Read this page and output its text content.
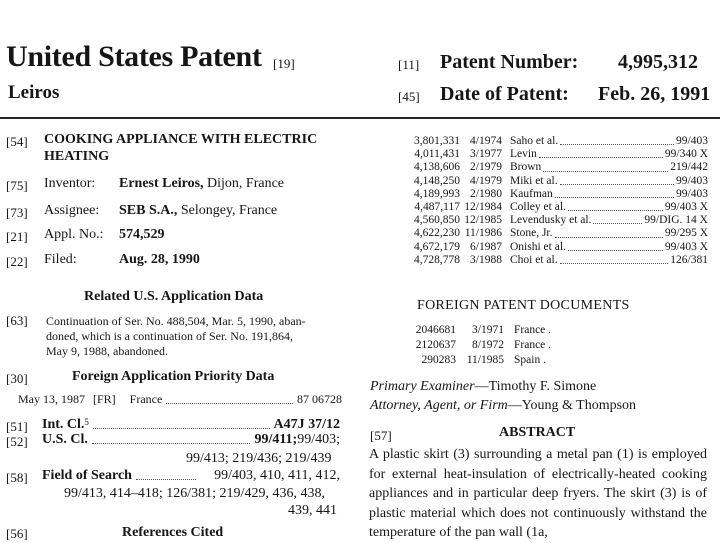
United States Patent [19]
Leiros
[11] Patent Number: 4,995,312
[45] Date of Patent: Feb. 26, 1991
[54] COOKING APPLIANCE WITH ELECTRIC
HEATING
[75] Inventor: Ernest Leiros, Dijon, France
[73] Assignee: SEB S.A., Selongey, France
[21] Appl. No.: 574,529
[22] Filed:	Aug. 28, 1990
Related U.S. Application Data
[63] Continuation of Ser. No. 488,504, Mar. 5, 1990, aban-
doned, which is a continuation of Ser. No. 191,864,
May 9, 1988, abandoned.
[30]	Foreign Application Priority Data
May 13, 1987 [FR] France	87 06728
[51] Int. Cl. 5	A47J 37/12
[52] U.S. Cl.	99/411; 99/403;
99/413; 219/436; 219/439
[58] Field of Search	99/403, 410, 411, 412,
99/413, 414–418; 126/381; 219/429, 436, 438,
439, 441
[56]	References Cited
3,801,331 4/1974 Saho et al.	99/403
4,011,431 3/1977 Levin	99/340 X
4,138,606 2/1979 Brown	219/442
4,148,250 4/1979 Miki et al.	99/403
4,189,993 2/1980 Kaufman	99/403
4,487,117 12/1984 Colley et al.	99/403 X
4,560,850 12/1985 Levendusky et al.	99/DIG. 14 X
4,622,230 11/1986 Stone, Jr.	99/295 X
4,672,179 6/1987 Onishi et al.	99/403 X
4,728,778 3/1988 Choi et al.	126/381
FOREIGN PATENT DOCUMENTS
2046681	3/1971 France .
2120637	8/1972 France .
290283 11/1985 Spain .
Primary Examiner—Timothy F. Simone
Attorney, Agent, or Firm—Young & Thompson
[57]	ABSTRACT
A plastic skirt (3) surrounding a metal pan (1) is employed for external heat-insulation of electrically-heated cooking appliances and in particular deep fryers. The skirt (3) is of plastic material which does not continuously withstand the temperature of the pan wall (1a,
